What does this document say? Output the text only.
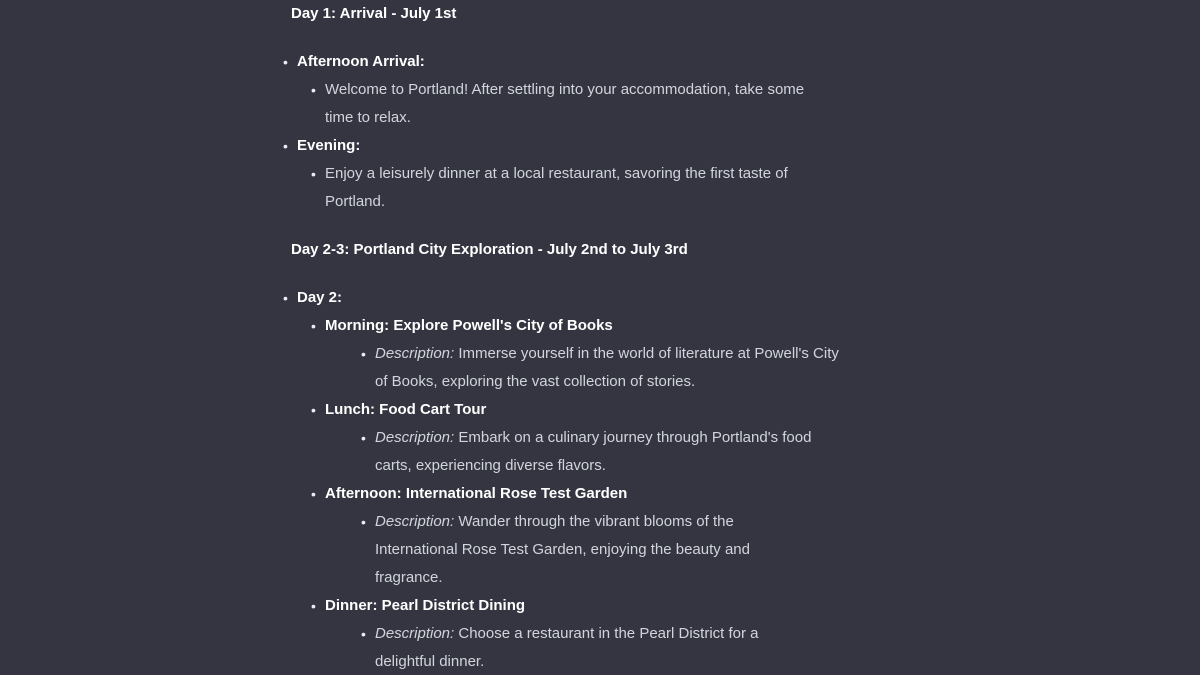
Day 1: Arrival - July 1st
• Afternoon Arrival:
• Welcome to Portland! After settling into your accommodation, take some time to relax.
• Evening:
• Enjoy a leisurely dinner at a local restaurant, savoring the first taste of Portland.
Day 2-3: Portland City Exploration - July 2nd to July 3rd
• Day 2:
• Morning: Explore Powell's City of Books
• Description: Immerse yourself in the world of literature at Powell's City of Books, exploring the vast collection of stories.
• Lunch: Food Cart Tour
• Description: Embark on a culinary journey through Portland's food carts, experiencing diverse flavors.
• Afternoon: International Rose Test Garden
• Description: Wander through the vibrant blooms of the International Rose Test Garden, enjoying the beauty and fragrance.
• Dinner: Pearl District Dining
• Description: Choose a restaurant in the Pearl District for a delightful dinner.
